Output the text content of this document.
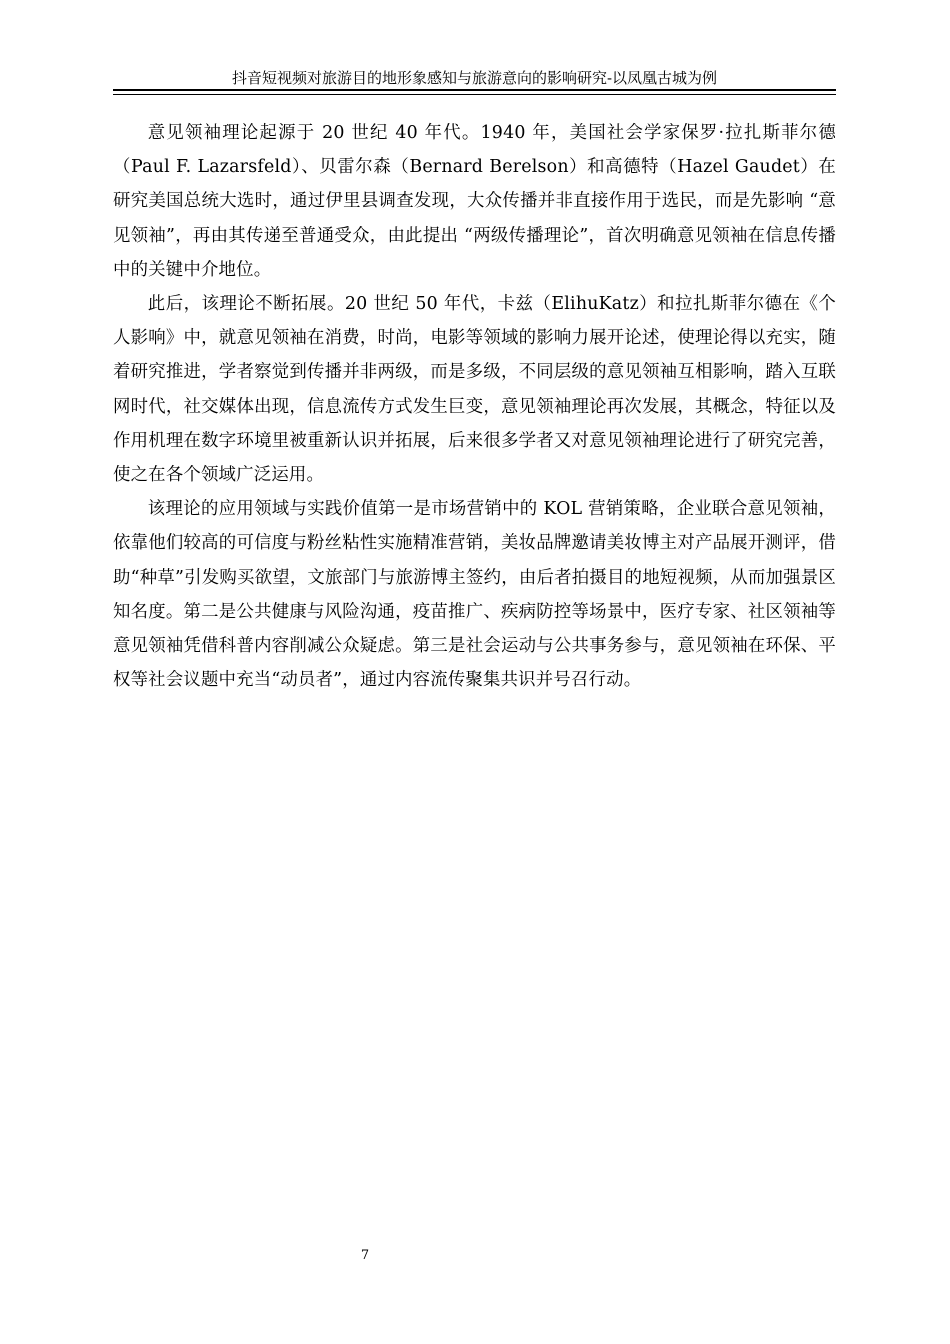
抖音短视频对旅游目的地形象感知与旅游意向的影响研究-以凤凰古城为例

意见领袖理论起源于 20 世纪 40 年代。1940 年，美国社会学家保罗·拉扎斯菲尔德（Paul F. Lazarsfeld）、贝雷尔森（Bernard Berelson）和高德特（Hazel Gaudet）在研究美国总统大选时，通过伊里县调查发现，大众传播并非直接作用于选民，而是先影响 “意见领袖”，再由其传递至普通受众，由此提出 “两级传播理论”，首次明确意见领袖在信息传播中的关键中介地位。

此后，该理论不断拓展。20 世纪 50 年代，卡兹（ElihuKatz）和拉扎斯菲尔德在《个人影响》中，就意见领袖在消费，时尚，电影等领域的影响力展开论述，使理论得以充实，随着研究推进，学者察觉到传播并非两级，而是多级，不同层级的意见领袖互相影响，踏入互联网时代，社交媒体出现，信息流传方式发生巨变，意见领袖理论再次发展，其概念，特征以及作用机理在数字环境里被重新认识并拓展，后来很多学者又对意见领袖理论进行了研究完善，使之在各个领域广泛运用。

该理论的应用领域与实践价值第一是市场营销中的 KOL 营销策略，企业联合意见领袖，依靠他们较高的可信度与粉丝粘性实施精准营销，美妆品牌邀请美妆博主对产品展开测评，借助“种草”引发购买欲望，文旅部门与旅游博主签约，由后者拍摄目的地短视频，从而加强景区知名度。第二是公共健康与风险沟通，疫苗推广、疾病防控等场景中，医疗专家、社区领袖等意见领袖凭借科普内容削减公众疑虑。第三是社会运动与公共事务参与，意见领袖在环保、平权等社会议题中充当“动员者”，通过内容流传聚集共识并号召行动。

7
